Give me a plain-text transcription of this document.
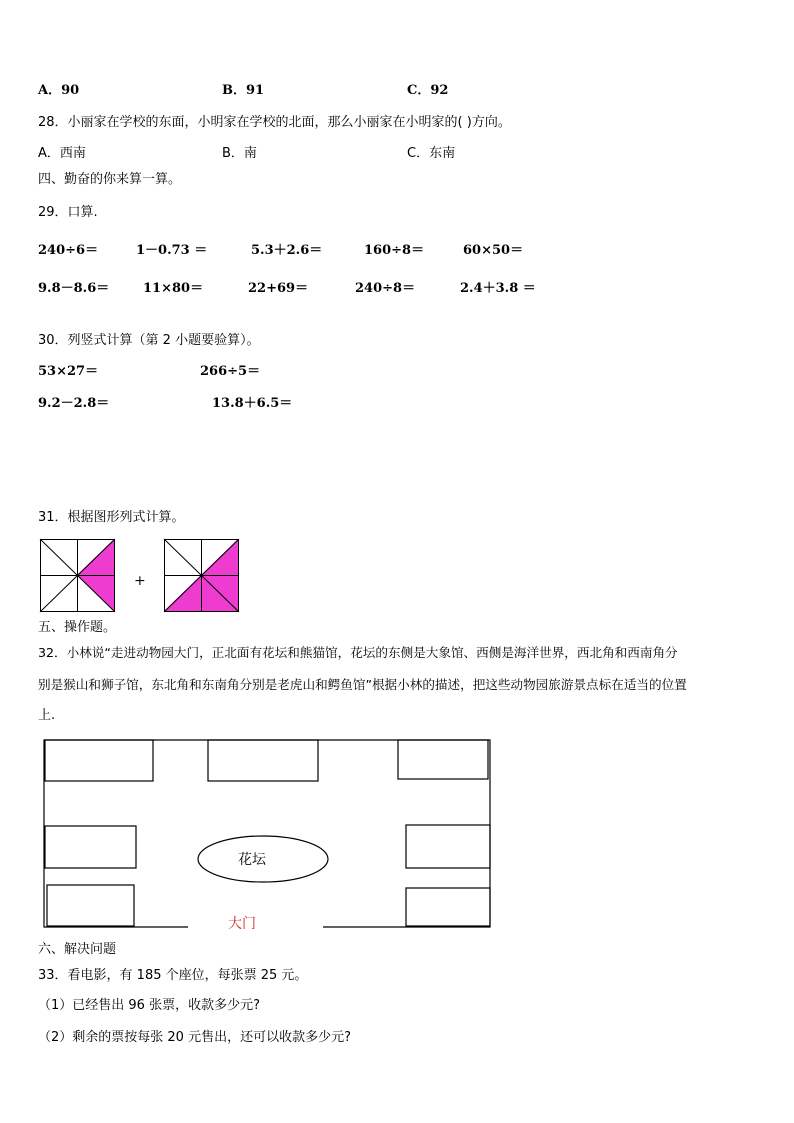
A．90	B．91	C．92
28．小丽家在学校的东面，小明家在学校的北面，那么小丽家在小明家的( )方向。
A．西南	B．南	C．东南
四、勤奋的你来算一算。
29．口算.
240÷6＝	1－0.73 ＝	5.3＋2.6＝	160÷8＝	60×50＝
9.8－8.6＝	11×80＝	22+69＝	240÷8＝	2.4＋3.8 ＝
30．列竖式计算（第 2 小题要验算）。
53×27＝	266÷5＝
9.2－2.8＝	13.8＋6.5＝
31．根据图形列式计算。
+
五、操作题。
32．小林说“走进动物园大门，正北面有花坛和熊猫馆，花坛的东侧是大象馆、西侧是海洋世界，西北角和西南角分
别是猴山和狮子馆，东北角和东南角分别是老虎山和鳄鱼馆”根据小林的描述，把这些动物园旅游景点标在适当的位置
上.
花坛
大门
六、解决问题
33．看电影，有 185 个座位，每张票 25 元。
（1）已经售出 96 张票，收款多少元?
（2）剩余的票按每张 20 元售出，还可以收款多少元?
